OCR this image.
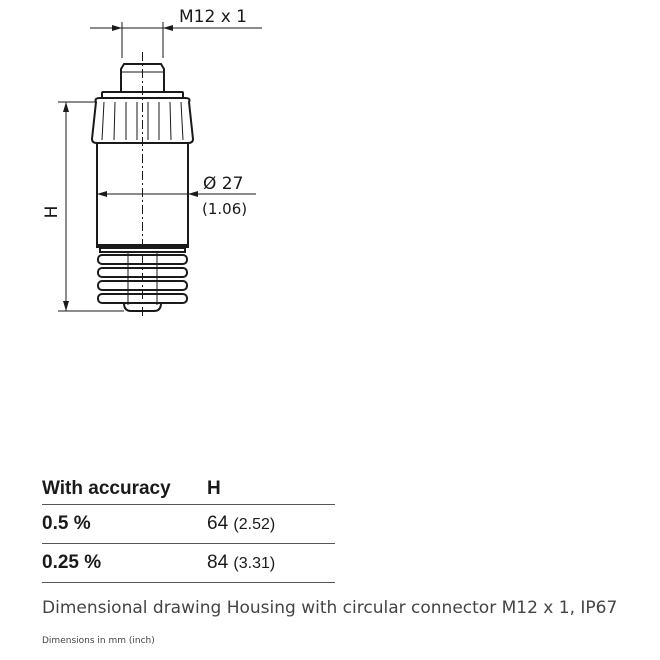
M12 x 1
Ø 27
(1.06)
H
With accuracy	H
0.5 %	64 (2.52)
0.25 %	84 (3.31)
Dimensional drawing Housing with circular connector M12 x 1, IP67
Dimensions in mm (inch)
